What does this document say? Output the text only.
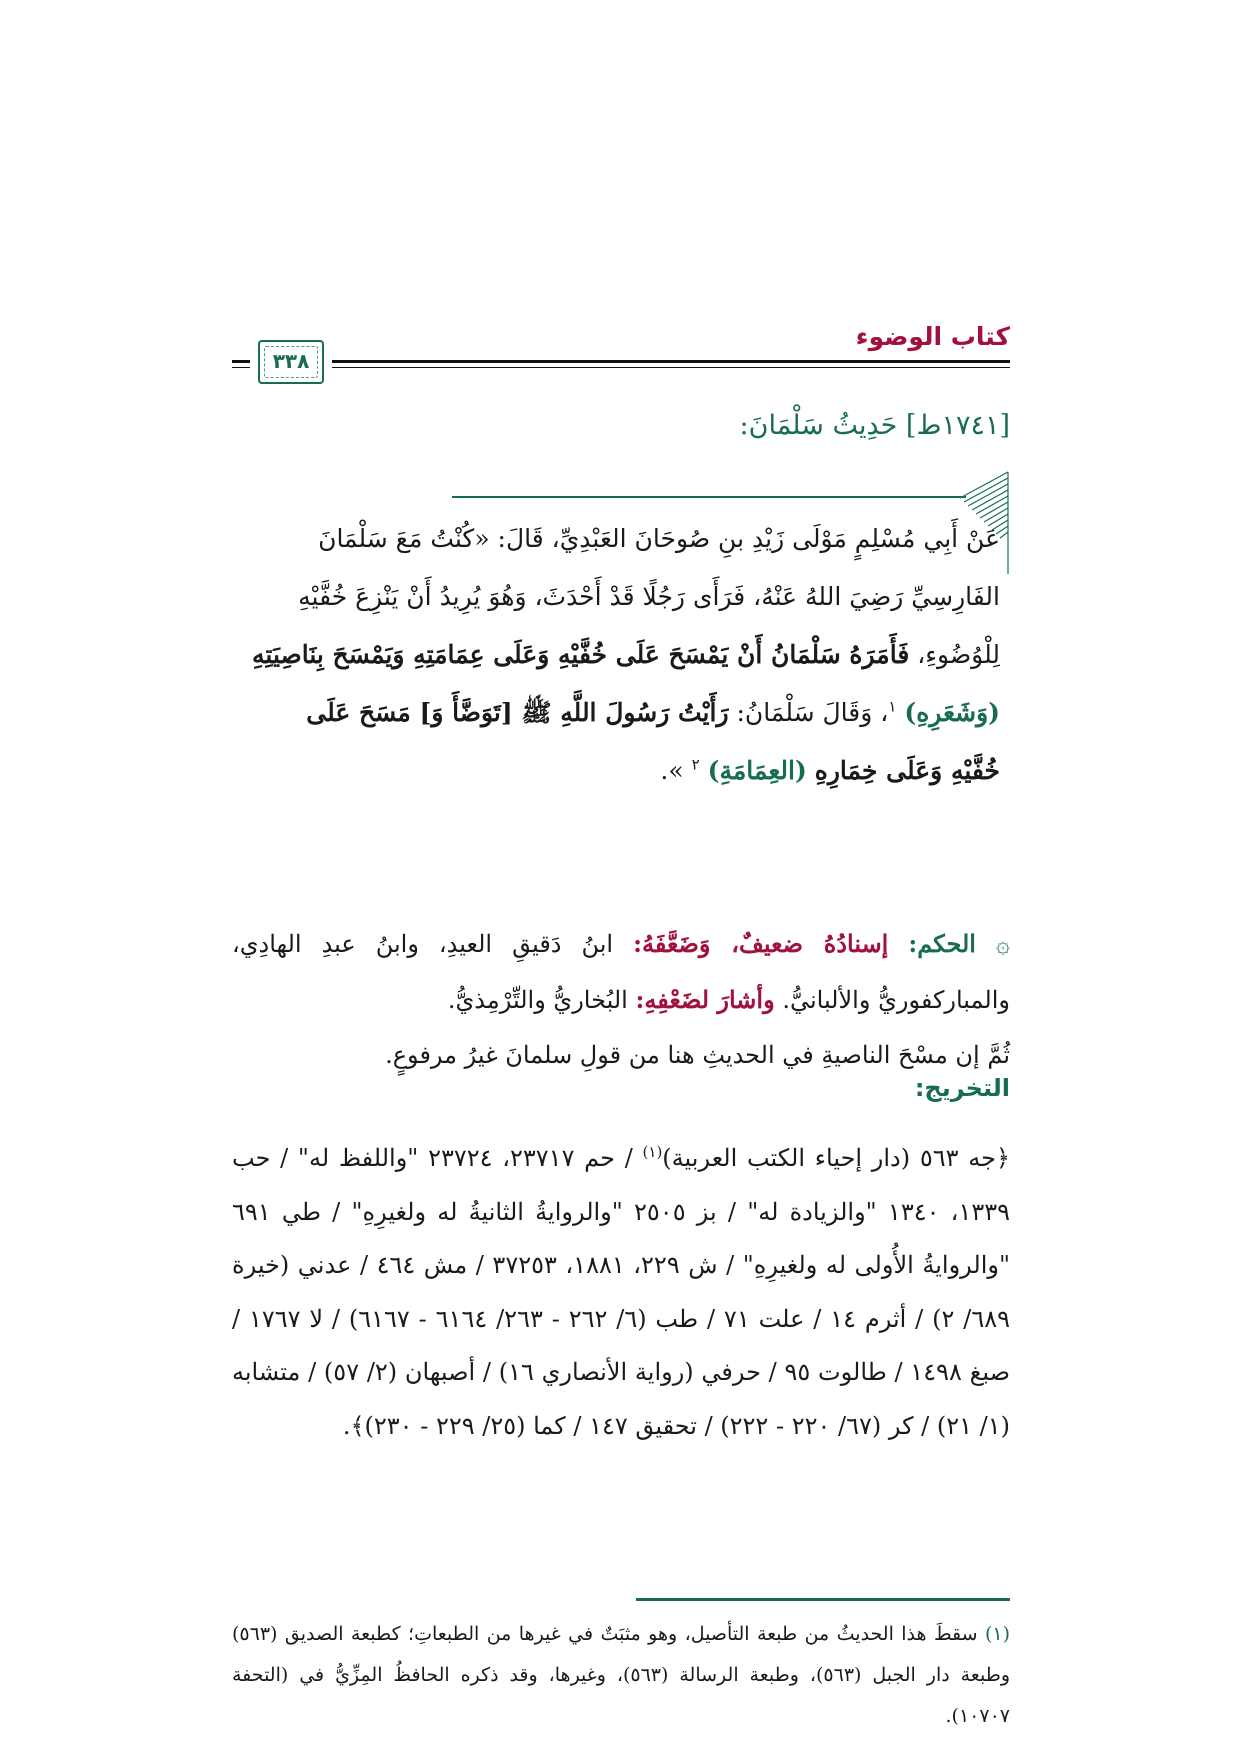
كتاب الوضوء
٣٣٨
[١٧٤١ط] حَدِيثُ سَلْمَانَ:
عَنْ أَبِي مُسْلِمٍ مَوْلَى زَيْدِ بنِ صُوحَانَ العَبْدِيِّ، قَالَ: «كُنْتُ مَعَ سَلْمَانَ
الفَارِسِيِّ رَضِيَ اللهُ عَنْهُ، فَرَأَى رَجُلًا قَدْ أَحْدَثَ، وَهُوَ يُرِيدُ أَنْ يَنْزِعَ خُفَّيْهِ
لِلْوُضُوءِ، فَأَمَرَهُ سَلْمَانُ أَنْ يَمْسَحَ عَلَى خُفَّيْهِ وَعَلَى عِمَامَتِهِ وَيَمْسَحَ بِنَاصِيَتِهِ
(وَشَعَرِهِ) $^١$، وَقَالَ سَلْمَانُ: رَأَيْتُ رَسُولَ اللَّهِ ﷺ [تَوَضَّأَ وَ] مَسَحَ عَلَى
خُفَّيْهِ وَعَلَى خِمَارِهِ (العِمَامَةِ) $^٢$ ».
۞ الحكم: إسنادُهُ ضعيفٌ، وَضَعَّفَهُ: ابنُ دَقيقِ العيدِ، وابنُ عبدِ الهادِي، والمباركفوريُّ والألبانيُّ. وأشارَ لضَعْفِهِ: البُخاريُّ والتِّرْمِذيُّ.
ثُمَّ إن مسْحَ الناصيةِ في الحديثِ هنا من قولِ سلمانَ غيرُ مرفوعٍ.
التخريج:
﴿جه ٥٦٣ (دار إحياء الكتب العربية)$^{(١)}$ / حم ٢٣٧١٧، ٢٣٧٢٤ "واللفظ له" / حب ١٣٣٩، ١٣٤٠ "والزيادة له" / بز ٢٥٠٥ "والروايةُ الثانيةُ له ولغيرِهِ" / طي ٦٩١ "والروايةُ الأُولى له ولغيرِهِ" / ش ٢٢٩، ١٨٨١، ٣٧٢٥٣ / مش ٤٦٤ / عدني (خيرة ٦٨٩/ ٢) / أثرم ١٤ / علت ٧١ / طب (٦/ ٢٦٢ - ٢٦٣/ ٦١٦٤ - ٦١٦٧) / لا ١٧٦٧ / صبغ ١٤٩٨ / طالوت ٩٥ / حرفي (رواية الأنصاري ١٦) / أصبهان (٢/ ٥٧) / متشابه (١/ ٢١) / كر (٦٧/ ٢٢٠ - ٢٢٢) / تحقيق ١٤٧ / كما (٢٥/ ٢٢٩ - ٢٣٠)﴾.
(١) سقطَ هذا الحديثُ من طبعة التأصيل، وهو مثبَتٌ في غيرها من الطبعاتِ؛ كطبعة الصديق (٥٦٣) وطبعة دار الجبل (٥٦٣)، وطبعة الرسالة (٥٦٣)، وغيرها، وقد ذكره الحافظُ المِزِّيُّ في (التحفة ١٠٧٠٧).
